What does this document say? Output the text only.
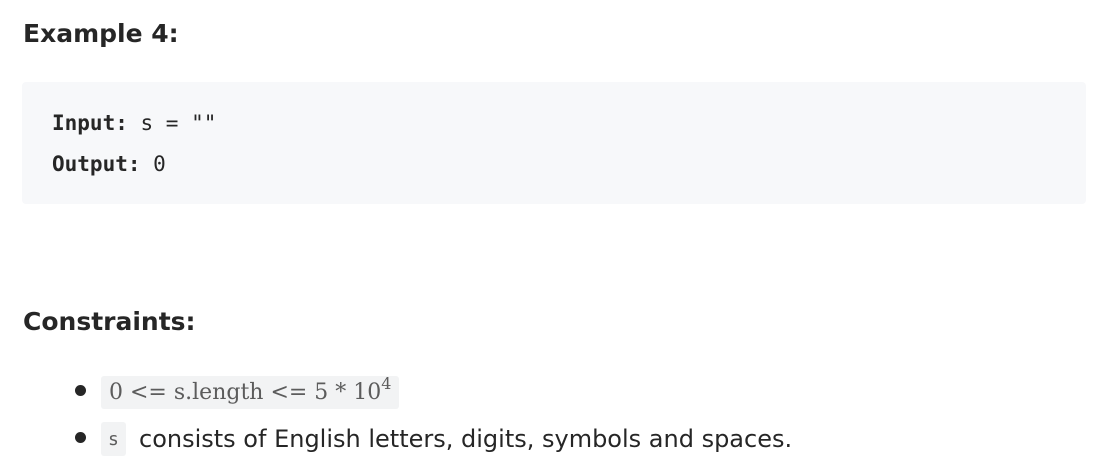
Example 4:
Input: s = ""
Output: 0
Constraints:
0 <= s.length <= $5 * 10^4$
s consists of English letters, digits, symbols and spaces.
